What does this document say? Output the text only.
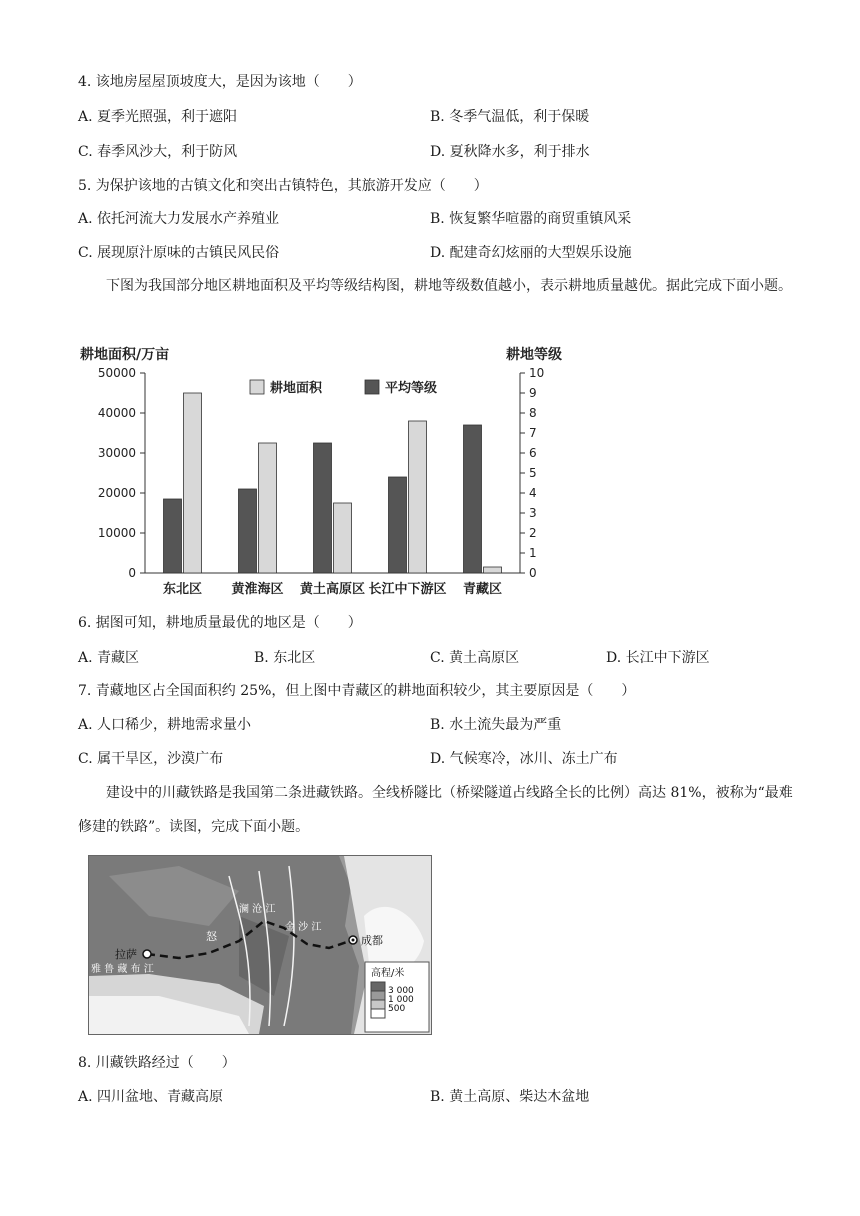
4. 该地房屋屋顶坡度大，是因为该地（　　）
A. 夏季光照强，利于遮阳	B. 冬季气温低，利于保暖
C. 春季风沙大，利于防风	D. 夏秋降水多，利于排水
5. 为保护该地的古镇文化和突出古镇特色，其旅游开发应（　　）
A. 依托河流大力发展水产养殖业	B. 恢复繁华喧嚣的商贸重镇风采
C. 展现原汁原味的古镇民风民俗	D. 配建奇幻炫丽的大型娱乐设施
下图为我国部分地区耕地面积及平均等级结构图，耕地等级数值越小，表示耕地质量越优。据此完成下面小题。
耕地面积/万亩	耕地等级
0
10000
20000
30000
40000
50000
0
1
2
3
4
5
6
7
8
9
10
东北区 黄淮海区 黄土高原区 长江中下游区 青藏区
耕地面积	平均等级
6. 据图可知，耕地质量最优的地区是（　　）
A. 青藏区	B. 东北区	C. 黄土高原区	D. 长江中下游区
7. 青藏地区占全国面积约 25%，但上图中青藏区的耕地面积较少，其主要原因是（　　）
A. 人口稀少，耕地需求量小	B. 水土流失最为严重
C. 属干旱区，沙漠广布	D. 气候寒冷，冰川、冻土广布
建设中的川藏铁路是我国第二条进藏铁路。全线桥隧比（桥梁隧道占线路全长的比例）高达 81%，被称为“最难修建的铁路”。读图，完成下面小题。
拉萨
成都
雅 鲁 藏 布 江
怒
澜 沧 江
金 沙 江
高程/米
3 000
1 000
500
8. 川藏铁路经过（　　）
A. 四川盆地、青藏高原	B. 黄土高原、柴达木盆地
